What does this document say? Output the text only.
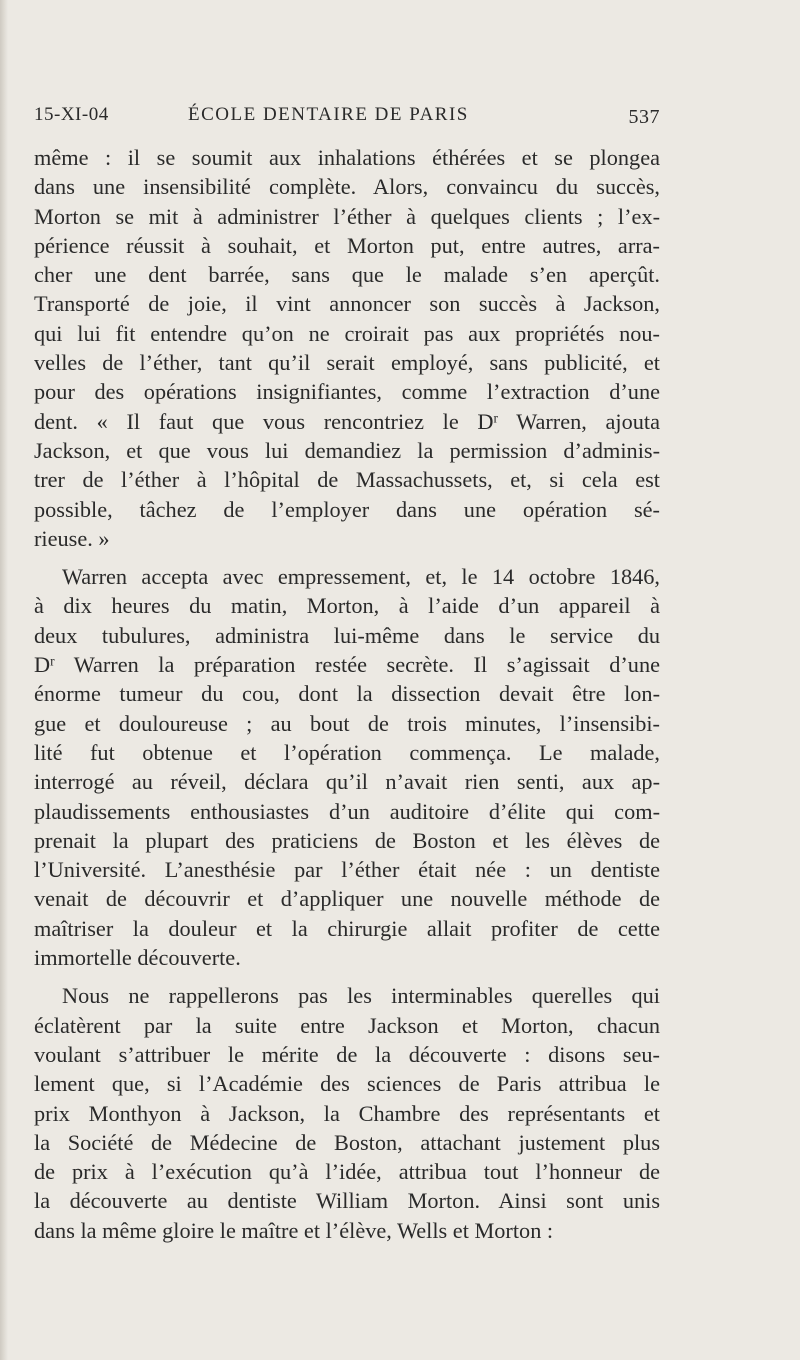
15-XI-04	ÉCOLE DENTAIRE DE PARIS	537
même : il se soumit aux inhalations éthérées et se plongea
dans une insensibilité complète. Alors, convaincu du succès,
Morton se mit à administrer l’éther à quelques clients ; l’ex-
périence réussit à souhait, et Morton put, entre autres, arra-
cher une dent barrée, sans que le malade s’en aperçût.
Transporté de joie, il vint annoncer son succès à Jackson,
qui lui fit entendre qu’on ne croirait pas aux propriétés nou-
velles de l’éther, tant qu’il serait employé, sans publicité, et
pour des opérations insignifiantes, comme l’extraction d’une
dent. « Il faut que vous rencontriez le $D^r$ Warren, ajouta
Jackson, et que vous lui demandiez la permission d’adminis-
trer de l’éther à l’hôpital de Massachussets, et, si cela est
possible, tâchez de l’employer dans une opération sé-
rieuse. »
Warren accepta avec empressement, et, le 14 octobre 1846,
à dix heures du matin, Morton, à l’aide d’un appareil à
deux tubulures, administra lui-même dans le service du
$D^r$ Warren la préparation restée secrète. Il s’agissait d’une
énorme tumeur du cou, dont la dissection devait être lon-
gue et douloureuse ; au bout de trois minutes, l’insensibi-
lité fut obtenue et l’opération commença. Le malade,
interrogé au réveil, déclara qu’il n’avait rien senti, aux ap-
plaudissements enthousiastes d’un auditoire d’élite qui com-
prenait la plupart des praticiens de Boston et les élèves de
l’Université. L’anesthésie par l’éther était née : un dentiste
venait de découvrir et d’appliquer une nouvelle méthode de
maîtriser la douleur et la chirurgie allait profiter de cette
immortelle découverte.
Nous ne rappellerons pas les interminables querelles qui
éclatèrent par la suite entre Jackson et Morton, chacun
voulant s’attribuer le mérite de la découverte : disons seu-
lement que, si l’Académie des sciences de Paris attribua le
prix Monthyon à Jackson, la Chambre des représentants et
la Société de Médecine de Boston, attachant justement plus
de prix à l’exécution qu’à l’idée, attribua tout l’honneur de
la découverte au dentiste William Morton. Ainsi sont unis
dans la même gloire le maître et l’élève, Wells et Morton :
